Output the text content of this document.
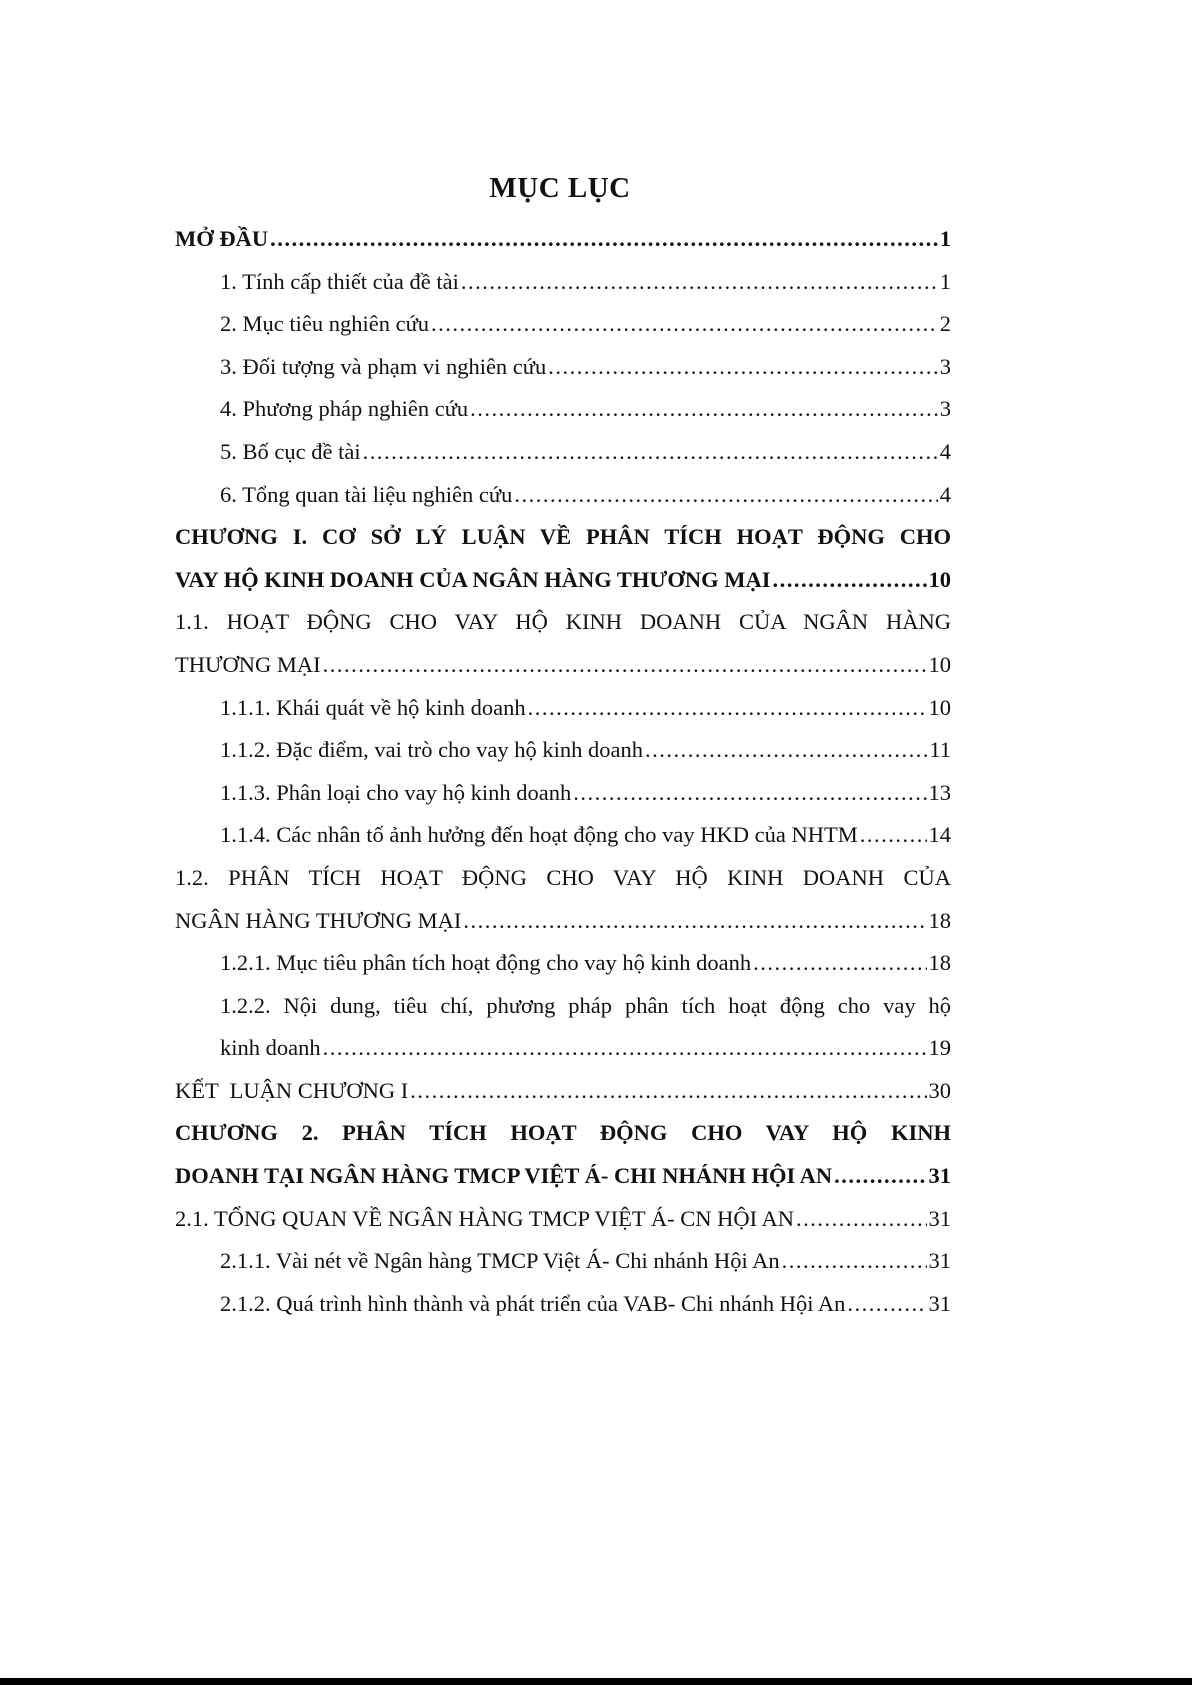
MỤC LỤC
MỞ ĐẦU .....	1
1. Tính cấp thiết của đề tài .....	1
2. Mục tiêu nghiên cứu .....	2
3. Đối tượng và phạm vi nghiên cứu .....	3
4. Phương pháp nghiên cứu .....	3
5. Bố cục đề tài .....	4
6. Tổng quan tài liệu nghiên cứu .....	4
CHƯƠNG I. CƠ SỞ LÝ LUẬN VỀ PHÂN TÍCH HOẠT ĐỘNG CHO
VAY HỘ KINH DOANH CỦA NGÂN HÀNG THƯƠNG MẠI .....	10
1.1. HOẠT ĐỘNG CHO VAY HỘ KINH DOANH CỦA NGÂN HÀNG
THƯƠNG MẠI .....	10
1.1.1. Khái quát về hộ kinh doanh .....	10
1.1.2. Đặc điểm, vai trò cho vay hộ kinh doanh .....	11
1.1.3. Phân loại cho vay hộ kinh doanh .....	13
1.1.4. Các nhân tố ảnh hưởng đến hoạt động cho vay HKD của NHTM .....	14
1.2. PHÂN TÍCH HOẠT ĐỘNG CHO VAY HỘ KINH DOANH CỦA
NGÂN HÀNG THƯƠNG MẠI .....	18
1.2.1. Mục tiêu phân tích hoạt động cho vay hộ kinh doanh .....	18
1.2.2. Nội dung, tiêu chí, phương pháp phân tích hoạt động cho vay hộ
kinh doanh .....	19
KẾT  LUẬN CHƯƠNG I .....	30
CHƯƠNG 2. PHÂN TÍCH HOẠT ĐỘNG CHO VAY HỘ KINH
DOANH TẠI NGÂN HÀNG TMCP VIỆT Á- CHI NHÁNH HỘI AN .....	31
2.1. TỔNG QUAN VỀ NGÂN HÀNG TMCP VIỆT Á- CN HỘI AN .....	31
2.1.1. Vài nét về Ngân hàng TMCP Việt Á- Chi nhánh Hội An .....	31
2.1.2. Quá trình hình thành và phát triển của VAB- Chi nhánh Hội An .....	31
